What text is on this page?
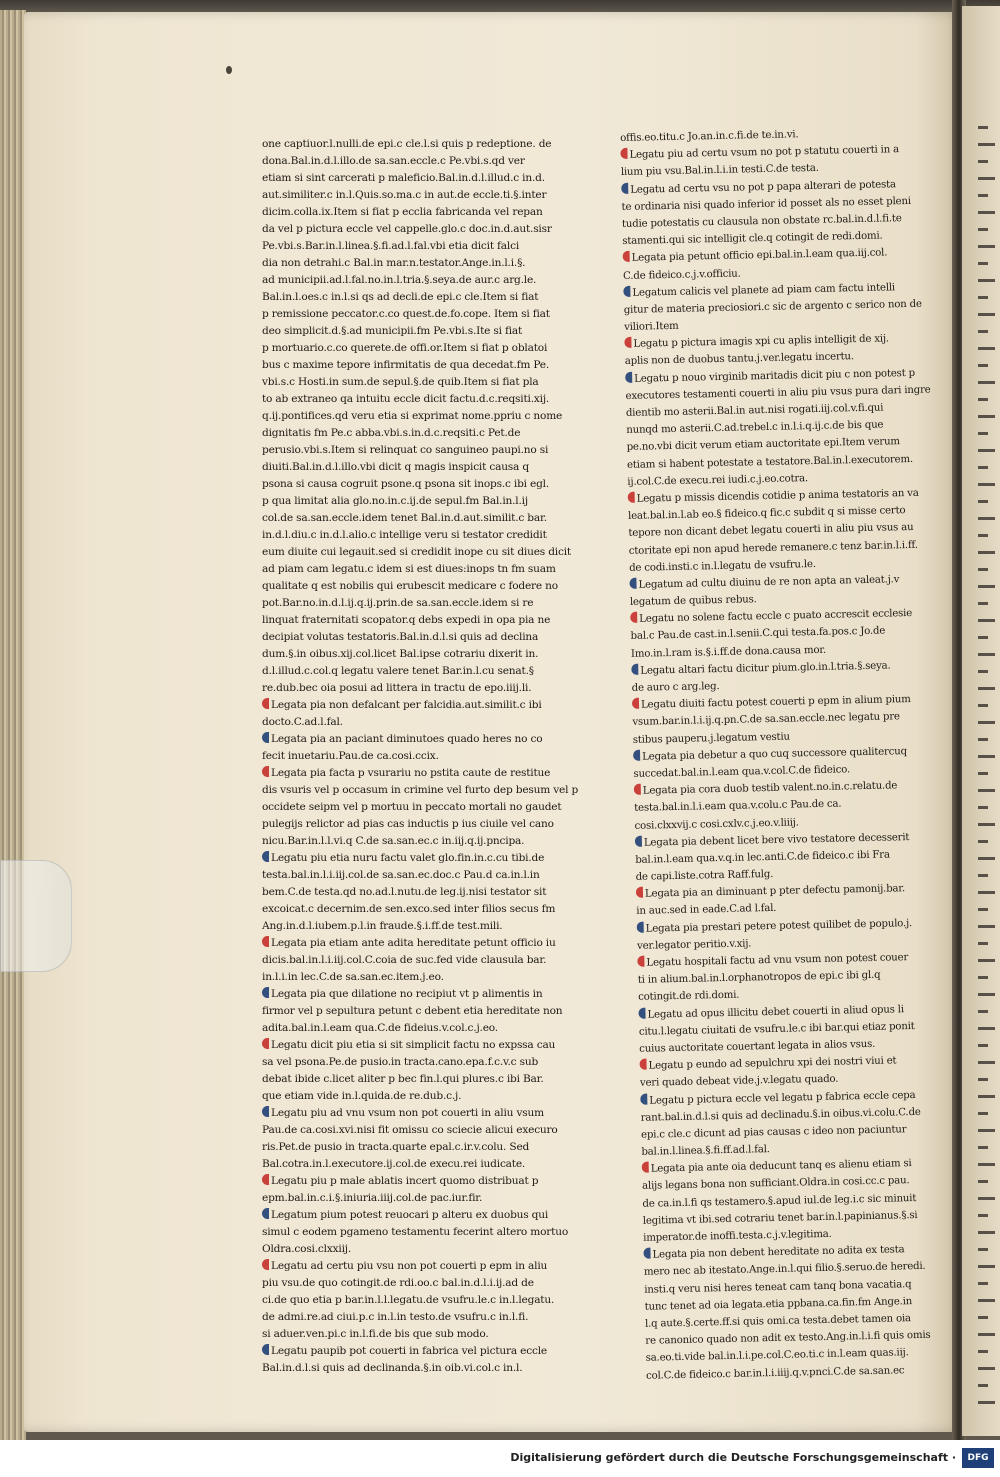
one captiuor.l.nulli.de epi.c cle.l.si quis p redeptione. de
dona.Bal.in.d.l.illo.de sa.san.eccle.c Pe.vbi.s.qd ver
etiam si sint carcerati p maleficio.Bal.in.d.l.illud.c in.d.
aut.similiter.c in.l.Quis.so.ma.c in aut.de eccle.ti.§.inter
dicim.colla.ix.Item si fiat p ecclia fabricanda vel repan
da vel p pictura eccle vel cappelle.glo.c doc.in.d.aut.sisr
Pe.vbi.s.Bar.in.l.linea.§.fi.ad.l.fal.vbi etia dicit falci
dia non detrahi.c Bal.in mar.n.testator.Ange.in.l.i.§.
ad municipii.ad.l.fal.no.in.l.tria.§.seya.de aur.c arg.le.
Bal.in.l.oes.c in.l.si qs ad decli.de epi.c cle.Item si fiat
p remissione peccator.c.co quest.de.fo.cope. Item si fiat
deo simplicit.d.§.ad municipii.fm Pe.vbi.s.Ite si fiat
p mortuario.c.co querete.de offi.or.Item si fiat p oblatoi
bus c maxime tepore infirmitatis de qua decedat.fm Pe.
vbi.s.c Hosti.in sum.de sepul.§.de quib.Item si fiat pla
to ab extraneo qa intuitu eccle dicit factu.d.c.reqsiti.xij.
q.ij.pontifices.qd veru etia si exprimat nome.ppriu c nome
dignitatis fm Pe.c abba.vbi.s.in.d.c.reqsiti.c Pet.de
perusio.vbi.s.Item si relinquat co sanguineo paupi.no si
diuiti.Bal.in.d.l.illo.vbi dicit q magis inspicit causa q
psona si causa cogruit psone.q psona sit inops.c ibi egl.
p qua limitat alia glo.no.in.c.ij.de sepul.fm Bal.in.l.ij
col.de sa.san.eccle.idem tenet Bal.in.d.aut.similit.c bar.
in.d.l.diu.c in.d.l.alio.c intellige veru si testator credidit
eum diuite cui legauit.sed si credidit inope cu sit diues dicit
ad piam cam legatu.c idem si est diues:inops tn fm suam
qualitate q est nobilis qui erubescit medicare c fodere no
pot.Bar.no.in.d.l.ij.q.ij.prin.de sa.san.eccle.idem si re
linquat fraternitati scopator.q debs expedi in opa pia ne
decipiat volutas testatoris.Bal.in.d.l.si quis ad declina
dum.§.in oibus.xij.col.licet Bal.ipse cotrariu dixerit in.
d.l.illud.c.col.q legatu valere tenet Bar.in.l.cu senat.§
re.dub.bec oia posui ad littera in tractu de epo.iiij.li.
Legata pia non defalcant per falcidia.aut.similit.c ibi
docto.C.ad.l.fal.
Legata pia an paciant diminutoes quado heres no co
fecit inuetariu.Pau.de ca.cosi.ccix.
Legata pia facta p vsurariu no pstita caute de restitue
dis vsuris vel p occasum in crimine vel furto dep besum vel p
occidete seipm vel p mortuu in peccato mortali no gaudet
pulegijs relictor ad pias cas inductis p ius ciuile vel cano
nicu.Bar.in.l.l.vi.q C.de sa.san.ec.c in.iij.q.ij.pncipa.
Legatu piu etia nuru factu valet glo.fin.in.c.cu tibi.de
testa.bal.in.l.i.iij.col.de sa.san.ec.doc.c Pau.d ca.in.l.in
bem.C.de testa.qd no.ad.l.nutu.de leg.ij.nisi testator sit
excoicat.c decernim.de sen.exco.sed inter filios secus fm
Ang.in.d.l.iubem.p.l.in fraude.§.i.ff.de test.mili.
Legata pia etiam ante adita hereditate petunt officio iu
dicis.bal.in.l.i.iij.col.C.coia de suc.fed vide clausula bar.
in.l.i.in lec.C.de sa.san.ec.item.j.eo.
Legata pia que dilatione no recipiut vt p alimentis in
firmor vel p sepultura petunt c debent etia hereditate non
adita.bal.in.l.eam qua.C.de fideius.v.col.c.j.eo.
Legatu dicit piu etia si sit simplicit factu no expssa cau
sa vel psona.Pe.de pusio.in tracta.cano.epa.f.c.v.c sub
debat ibide c.licet aliter p bec fin.l.qui plures.c ibi Bar.
que etiam vide in.l.quida.de re.dub.c.j.
Legatu piu ad vnu vsum non pot couerti in aliu vsum
Pau.de ca.cosi.xvi.nisi fit omissu co sciecie alicui execuro
ris.Pet.de pusio in tracta.quarte epal.c.ir.v.colu. Sed
Bal.cotra.in.l.executore.ij.col.de execu.rei iudicate.
Legatu piu p male ablatis incert quomo distribuat p
epm.bal.in.c.i.§.iniuria.iiij.col.de pac.iur.fir.
Legatum pium potest reuocari p alteru ex duobus qui
simul c eodem pgameno testamentu fecerint altero mortuo
Oldra.cosi.clxxiij.
Legatu ad certu piu vsu non pot couerti p epm in aliu
piu vsu.de quo cotingit.de rdi.oo.c bal.in.d.l.i.ij.ad de
ci.de quo etia p bar.in.l.l.legatu.de vsufru.le.c in.l.legatu.
de admi.re.ad ciui.p.c in.l.in testo.de vsufru.c in.l.fi.
si aduer.ven.pi.c in.l.fi.de bis que sub modo.
Legatu paupib pot couerti in fabrica vel pictura eccle
Bal.in.d.l.si quis ad declinanda.§.in oib.vi.col.c in.l.
offis.eo.titu.c Jo.an.in.c.fi.de te.in.vi.
Legatu piu ad certu vsum no pot p statutu couerti in a
lium piu vsu.Bal.in.l.i.in testi.C.de testa.
Legatu ad certu vsu no pot p papa alterari de potesta
te ordinaria nisi quado inferior id posset als no esset pleni
tudie potestatis cu clausula non obstate rc.bal.in.d.l.fi.te
stamenti.qui sic intelligit cle.q cotingit de redi.domi.
Legata pia petunt officio epi.bal.in.l.eam qua.iij.col.
C.de fideico.c.j.v.officiu.
Legatum calicis vel planete ad piam cam factu intelli
gitur de materia preciosiori.c sic de argento c serico non de
viliori.Item
Legatu p pictura imagis xpi cu aplis intelligit de xij.
aplis non de duobus tantu.j.ver.legatu incertu.
Legatu p nouo virginib maritadis dicit piu c non potest p
executores testamenti couerti in aliu piu vsus pura dari ingre
dientib mo asterii.Bal.in aut.nisi rogati.iij.col.v.fi.qui
nunqd mo asterii.C.ad.trebel.c in.l.i.q.ij.c.de bis que
pe.no.vbi dicit verum etiam auctoritate epi.Item verum
etiam si habent potestate a testatore.Bal.in.l.executorem.
ij.col.C.de execu.rei iudi.c.j.eo.cotra.
Legatu p missis dicendis cotidie p anima testatoris an va
leat.bal.in.l.ab eo.§ fideico.q fic.c subdit q si misse certo
tepore non dicant debet legatu couerti in aliu piu vsus au
ctoritate epi non apud herede remanere.c tenz bar.in.l.i.ff.
de codi.insti.c in.l.legatu de vsufru.le.
Legatum ad cultu diuinu de re non apta an valeat.j.v
legatum de quibus rebus.
Legatu no solene factu eccle c puato accrescit ecclesie
bal.c Pau.de cast.in.l.senii.C.qui testa.fa.pos.c Jo.de
Imo.in.l.ram is.§.i.ff.de dona.causa mor.
Legatu altari factu dicitur pium.glo.in.l.tria.§.seya.
de auro c arg.leg.
Legatu diuiti factu potest couerti p epm in alium pium
vsum.bar.in.l.i.ij.q.pn.C.de sa.san.eccle.nec legatu pre
stibus pauperu.j.legatum vestiu
Legata pia debetur a quo cuq successore qualitercuq
succedat.bal.in.l.eam qua.v.col.C.de fideico.
Legata pia cora duob testib valent.no.in.c.relatu.de
testa.bal.in.l.i.eam qua.v.colu.c Pau.de ca.
cosi.clxxvij.c cosi.cxlv.c.j.eo.v.liiij.
Legata pia debent licet bere vivo testatore decesserit
bal.in.l.eam qua.v.q.in lec.anti.C.de fideico.c ibi Fra
de capi.liste.cotra Raff.fulg.
Legata pia an diminuant p pter defectu pamonij.bar.
in auc.sed in eade.C.ad l.fal.
Legata pia prestari petere potest quilibet de populo.j.
ver.legator peritio.v.xij.
Legatu hospitali factu ad vnu vsum non potest couer
ti in alium.bal.in.l.orphanotropos de epi.c ibi gl.q
cotingit.de rdi.domi.
Legatu ad opus illicitu debet couerti in aliud opus li
citu.l.legatu ciuitati de vsufru.le.c ibi bar.qui etiaz ponit
cuius auctoritate couertant legata in alios vsus.
Legatu p eundo ad sepulchru xpi dei nostri viui et
veri quado debeat vide.j.v.legatu quado.
Legatu p pictura eccle vel legatu p fabrica eccle cepa
rant.bal.in.d.l.si quis ad declinadu.§.in oibus.vi.colu.C.de
epi.c cle.c dicunt ad pias causas c ideo non paciuntur
bal.in.l.linea.§.fi.ff.ad.l.fal.
Legata pia ante oia deducunt tanq es alienu etiam si
alijs legans bona non sufficiant.Oldra.in cosi.cc.c pau.
de ca.in.l.fi qs testamero.§.apud iul.de leg.i.c sic minuit
legitima vt ibi.sed cotrariu tenet bar.in.l.papinianus.§.si
imperator.de inoffi.testa.c.j.v.legitima.
Legata pia non debent hereditate no adita ex testa
mero nec ab itestato.Ange.in.l.qui filio.§.seruo.de heredi.
insti.q veru nisi heres teneat cam tanq bona vacatia.q
tunc tenet ad oia legata.etia ppbana.ca.fin.fm Ange.in
l.q aute.§.certe.ff.si quis omi.ca testa.debet tamen oia
re canonico quado non adit ex testo.Ang.in.l.i.fi quis omis
sa.eo.ti.vide bal.in.l.i.pe.col.C.eo.ti.c in.l.eam quas.iij.
col.C.de fideico.c bar.in.l.i.iiij.q.v.pnci.C.de sa.san.ec
Digitalisierung gefördert durch die Deutsche Forschungsgemeinschaft ·	DFG
